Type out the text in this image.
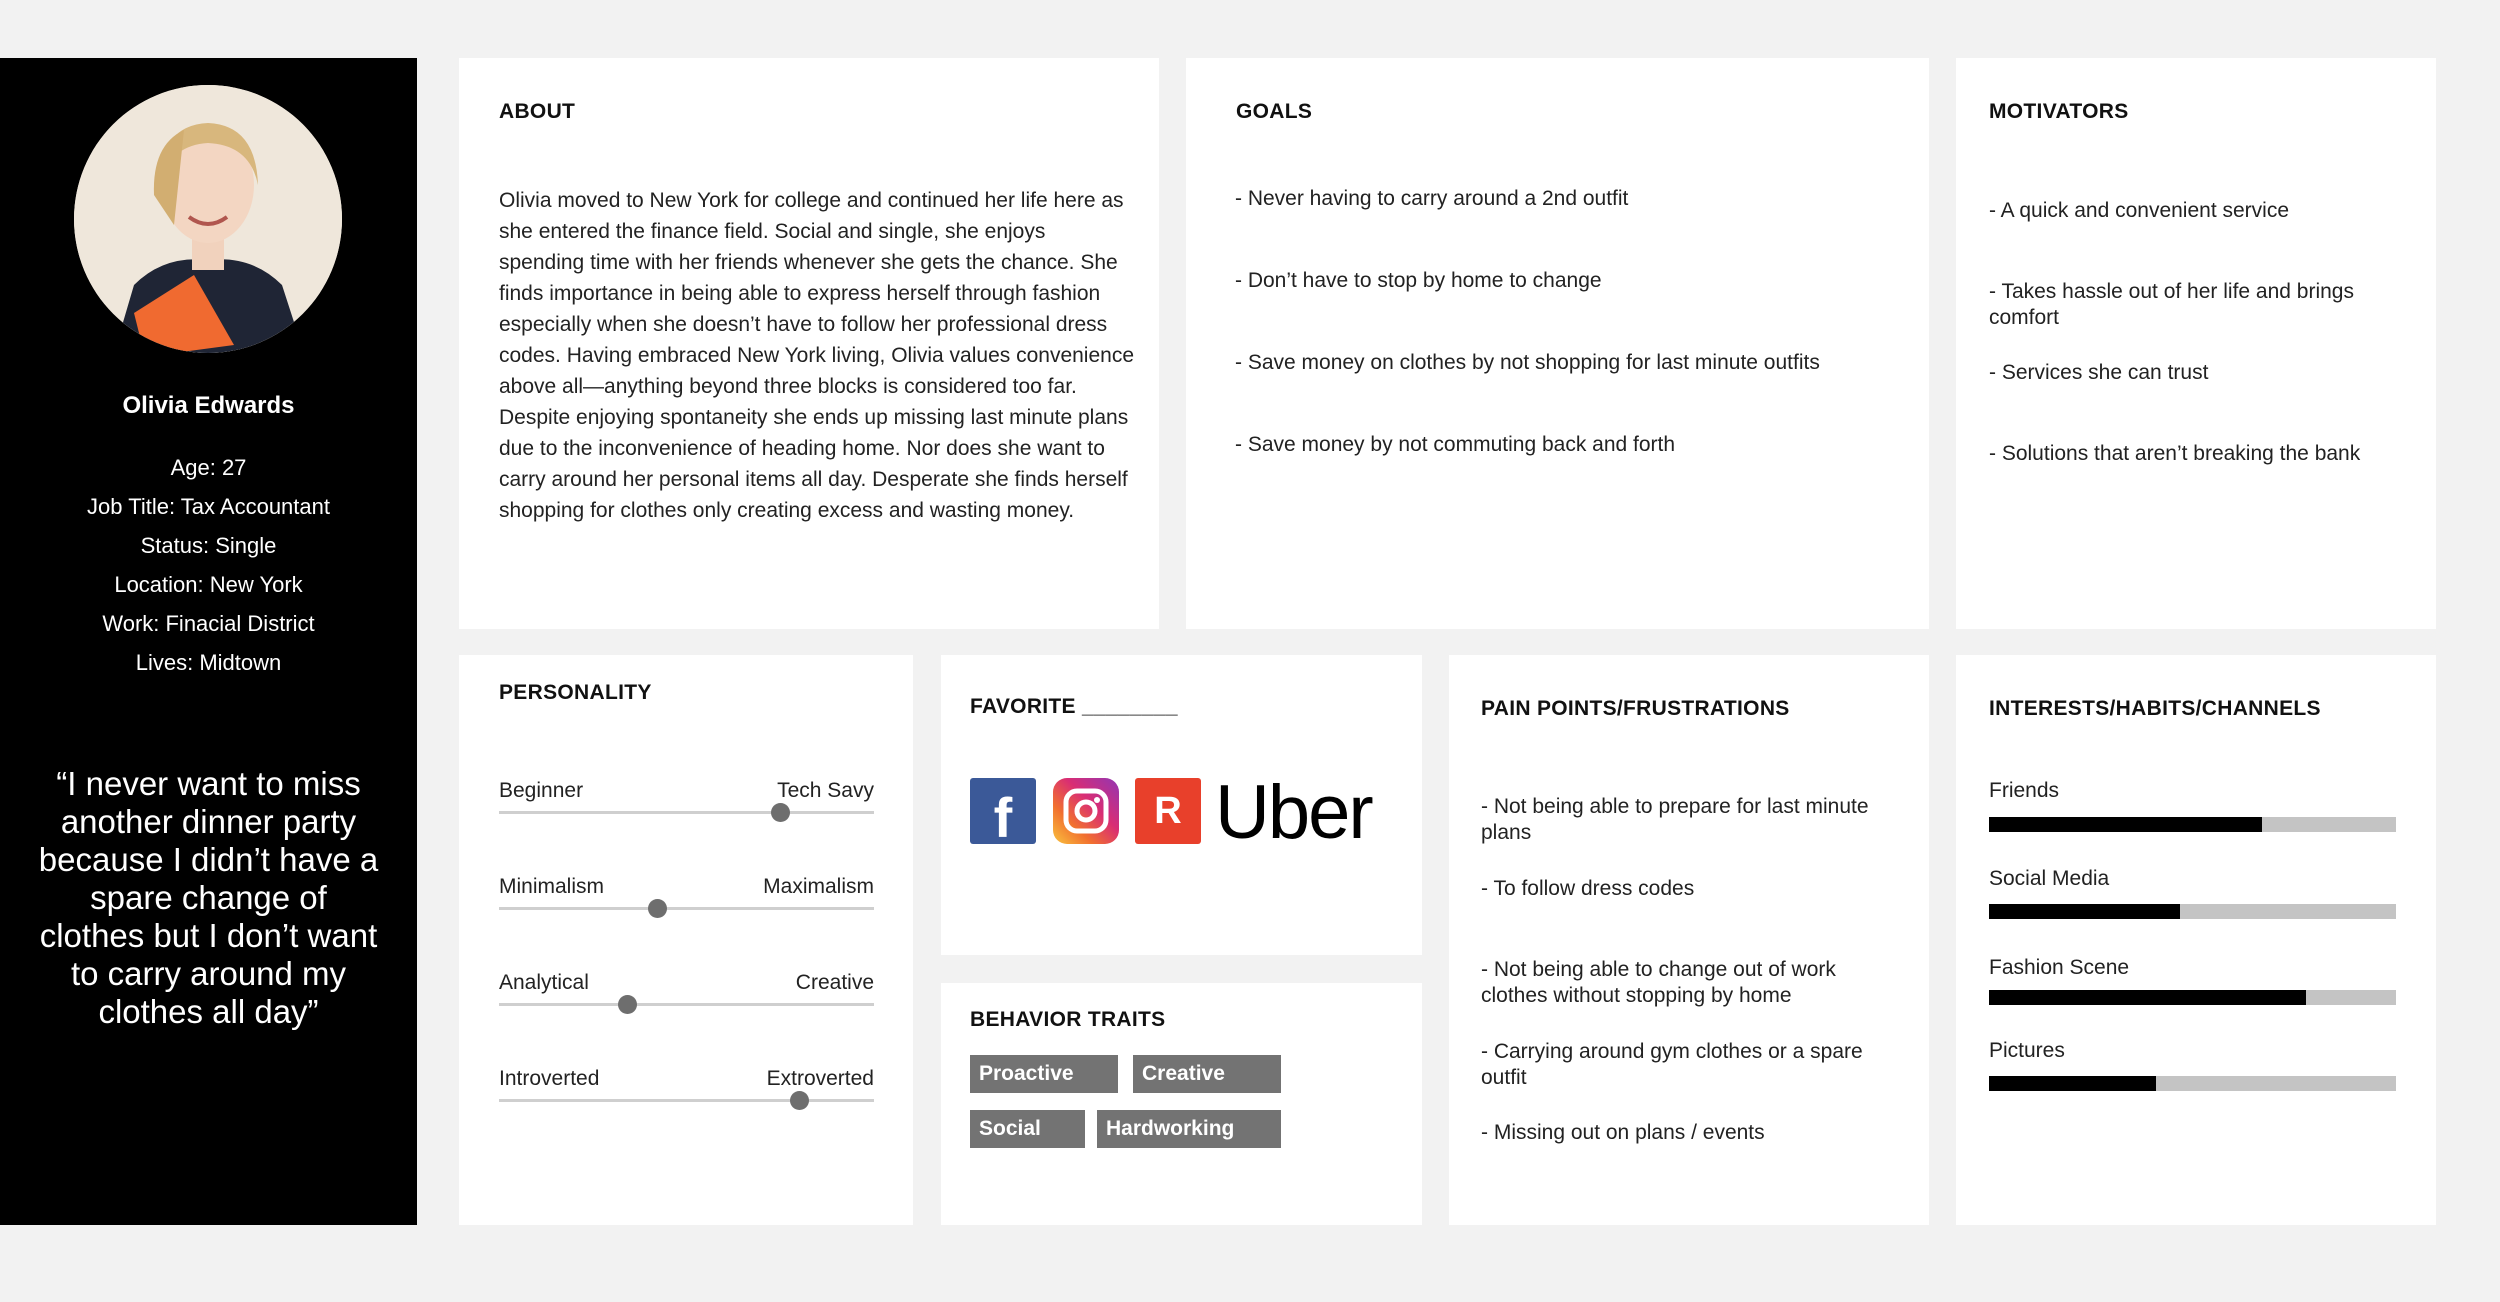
Olivia Edwards
Age: 27
Job Title: Tax Accountant
Status: Single
Location: New York
Work: Finacial District
Lives: Midtown
“I never want to miss another dinner party because I didn’t have a spare change of clothes but I don’t want to carry around my clothes all day”
ABOUT
Olivia moved to New York for college and continued her life here as she entered the finance field. Social and single, she enjoys spending time with her friends whenever she gets the chance. She finds importance in being able to express herself through fashion especially when she doesn’t have to follow her professional dress codes. Having embraced New York living, Olivia values convenience above all—anything beyond three blocks is considered too far. Despite enjoying spontaneity she ends up missing last minute plans due to the inconvenience of heading home. Nor does she want to carry around her personal items all day. Desperate she finds herself shopping for clothes only creating excess and wasting money.
GOALS
- Never having to carry around a 2nd outfit
- Don’t have to stop by home to change
- Save money on clothes by not shopping for last minute outfits
- Save money by not commuting back and forth
MOTIVATORS
- A quick and convenient service
- Takes hassle out of her life and brings comfort
- Services she can trust
- Solutions that aren’t breaking the bank
PERSONALITY
Beginner	Tech Savy
Minimalism	Maximalism
Analytical	Creative
Introverted	Extroverted
FAVORITE ________
f	R Uber
BEHAVIOR TRAITS
Proactive	Creative
Social	Hardworking
PAIN POINTS/FRUSTRATIONS
- Not being able to prepare for last minute plans
- To follow dress codes
- Not being able to change out of work clothes without stopping by home
- Carrying around gym clothes or a spare outfit
- Missing out on plans / events
INTERESTS/HABITS/CHANNELS
Friends
Social Media
Fashion Scene
Pictures
